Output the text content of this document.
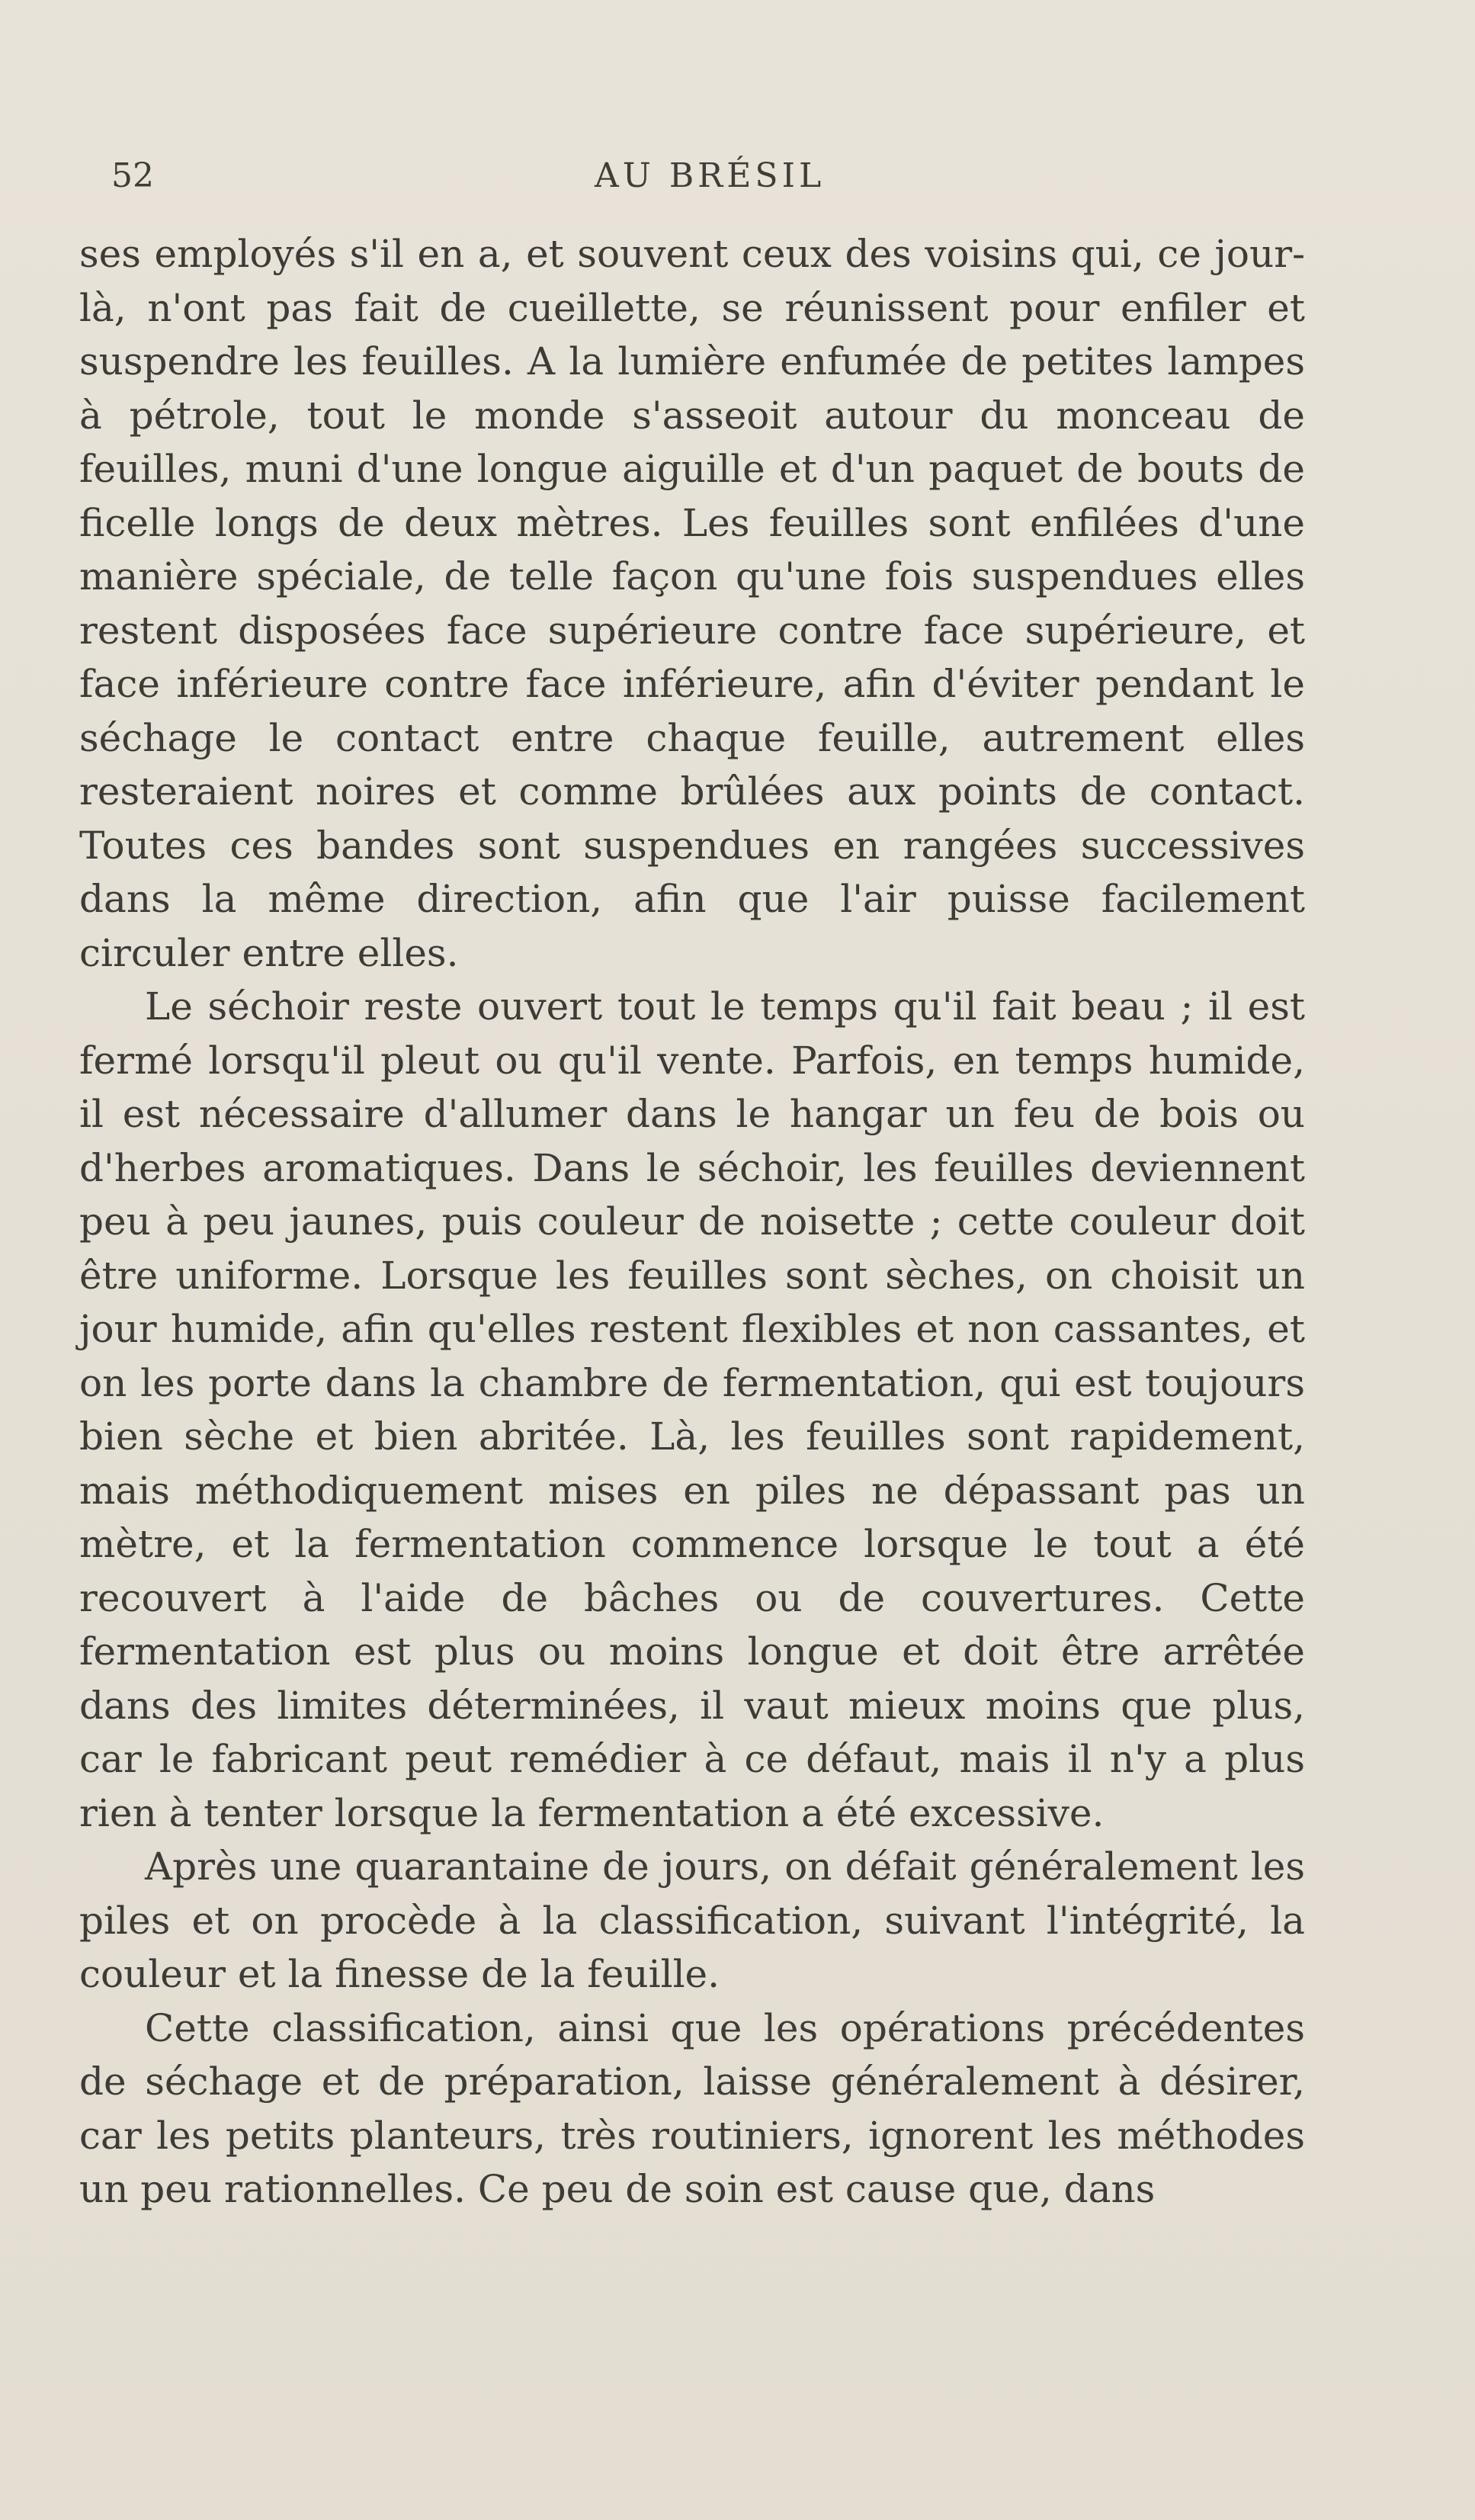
52	AU BRÉSIL

ses employés s'il en a, et souvent ceux des voisins qui, ce jour-là, n'ont pas fait de cueillette, se réunissent pour enfiler et suspendre les feuilles. A la lumière enfumée de petites lampes à pétrole, tout le monde s'asseoit autour du monceau de feuilles, muni d'une longue aiguille et d'un paquet de bouts de ficelle longs de deux mètres. Les feuilles sont enfilées d'une manière spéciale, de telle façon qu'une fois suspendues elles restent disposées face supérieure contre face supérieure, et face inférieure contre face inférieure, afin d'éviter pendant le séchage le contact entre chaque feuille, autrement elles resteraient noires et comme brûlées aux points de contact. Toutes ces bandes sont suspendues en rangées successives dans la même direction, afin que l'air puisse facilement circuler entre elles.

Le séchoir reste ouvert tout le temps qu'il fait beau ; il est fermé lorsqu'il pleut ou qu'il vente. Parfois, en temps humide, il est nécessaire d'allumer dans le hangar un feu de bois ou d'herbes aromatiques. Dans le séchoir, les feuilles deviennent peu à peu jaunes, puis couleur de noisette ; cette couleur doit être uniforme. Lorsque les feuilles sont sèches, on choisit un jour humide, afin qu'elles restent flexibles et non cassantes, et on les porte dans la chambre de fermentation, qui est toujours bien sèche et bien abritée. Là, les feuilles sont rapidement, mais méthodiquement mises en piles ne dépassant pas un mètre, et la fermentation commence lorsque le tout a été recouvert à l'aide de bâches ou de couvertures. Cette fermentation est plus ou moins longue et doit être arrêtée dans des limites déterminées, il vaut mieux moins que plus, car le fabricant peut remédier à ce défaut, mais il n'y a plus rien à tenter lorsque la fermentation a été excessive.

Après une quarantaine de jours, on défait généralement les piles et on procède à la classification, suivant l'intégrité, la couleur et la finesse de la feuille.

Cette classification, ainsi que les opérations précédentes de séchage et de préparation, laisse généralement à désirer, car les petits planteurs, très routiniers, ignorent les méthodes un peu rationnelles. Ce peu de soin est cause que, dans
